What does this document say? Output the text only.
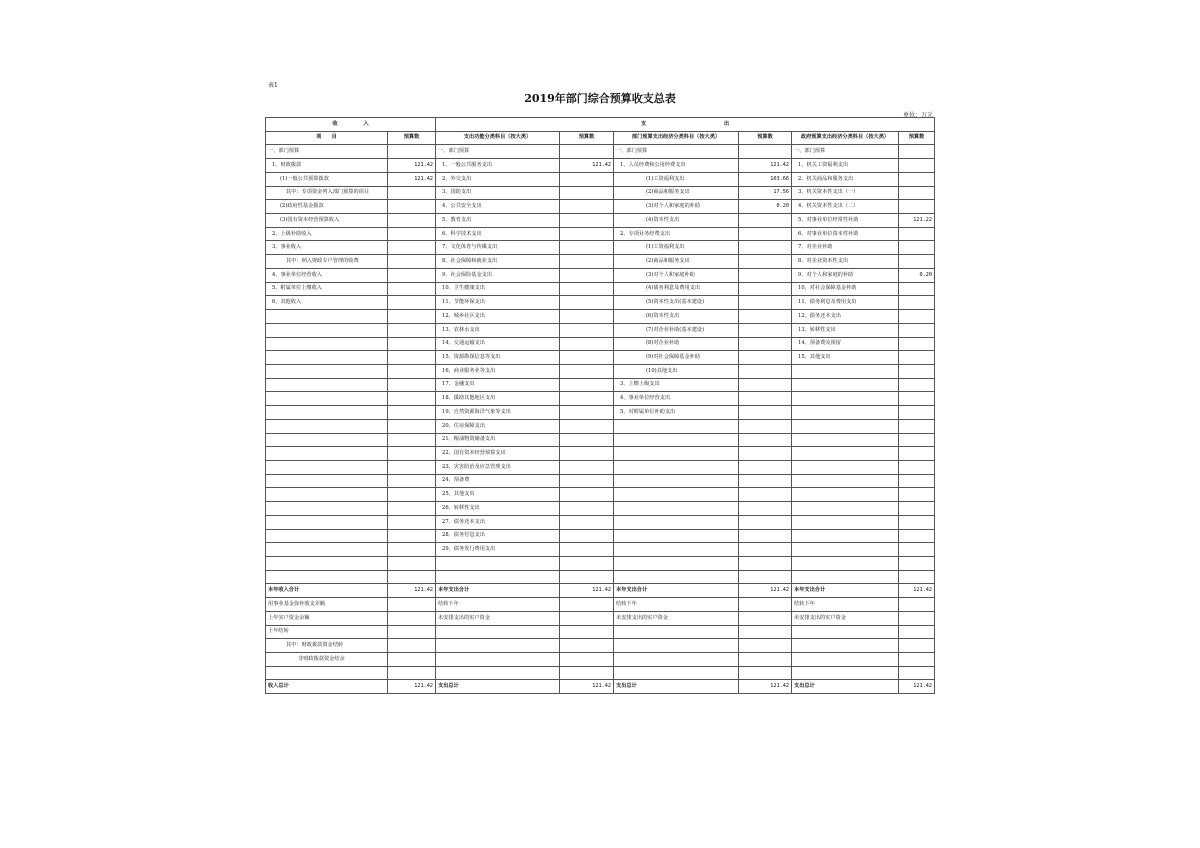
表1
2019年部门综合预算收支总表
单位：万元
收　　　　　入		支　　　　　　　　　　　　　　　出					
项　　目	预算数	支出功能分类科目（按大类）	预算数	部门预算支出经济分类科目（按大类）	预算数	政府预算支出经济分类科目（按大类）	预算数
一、部门预算		一、部门预算		一、部门预算		一、部门预算	
1、财政拨款	121.42	1、一般公共服务支出	121.42	1、人员经费和公用经费支出	121.42	1、机关工资福利支出	
(1)一般公共预算拨款	121.42	2、外交支出		(1)工资福利支出	103.66	2、机关商品和服务支出	
其中：专项资金列入部门预算的项目		3、国防支出		(2)商品和服务支出	17.56	3、机关资本性支出（一）	
(2)政府性基金拨款		4、公共安全支出		(3)对个人和家庭的补助	0.20	4、机关资本性支出（二）	
(3)国有资本经营预算收入		5、教育支出		(4)资本性支出		5、对事业单位经常性补助	121.22
2、上级补助收入		6、科学技术支出		2、专项业务经费支出		6、对事业单位资本性补助	
3、事业收入		7、文化体育与传媒支出		(1)工资福利支出		7、对企业补助	
其中：纳入财政专户管理的收费		8、社会保障和就业支出		(2)商品和服务支出		8、对企业资本性支出	
4、事业单位经营收入		9、社会保险基金支出		(3)对个人和家庭补助		9、对个人和家庭的补助	0.20
5、附属单位上缴收入		10、卫生健康支出		(4)债务利息及费用支出		10、对社会保障基金补助	
6、其他收入		11、节能环保支出		(5)资本性支出(基本建设)		11、债务利息及费用支出	
		12、城乡社区支出		(6)资本性支出		12、债务还本支出	
		13、农林水支出		(7)对企业补助(基本建设)		13、转移性支出	
		14、交通运输支出		(8)对企业补助		14、预备费及预留	
		15、资源勘探信息等支出		(9)对社会保障基金补助		15、其他支出	
		16、商业服务业等支出		(10)其他支出			
		17、金融支出		3、上缴上级支出			
		18、援助其他地区支出		4、事业单位经营支出			
		19、自然资源海洋气象等支出		5、对附属单位补助支出			
		20、住房保障支出					
		21、粮油物资储备支出					
		22、国有资本经营预算支出					
		23、灾害防治及应急管理支出					
		24、预备费					
		25、其他支出					
		26、转移性支出					
		27、债务还本支出					
		28、债务付息支出					
		29、债务发行费用支出					

本年收入合计	121.42	本年支出合计	121.42	本年支出合计	121.42	本年支出合计	121.42
用事业基金弥补收支差额		结转下年		结转下年		结转下年	
上年实户资金余额		未安排支出的实户资金		未安排支出的实户资金		未安排支出的实户资金	
上年结转							
其中：财政拨款资金结转							
非财政拨款资金结余							

收入总计	121.42	支出总计	121.42	支出总计	121.42	支出总计	121.42
